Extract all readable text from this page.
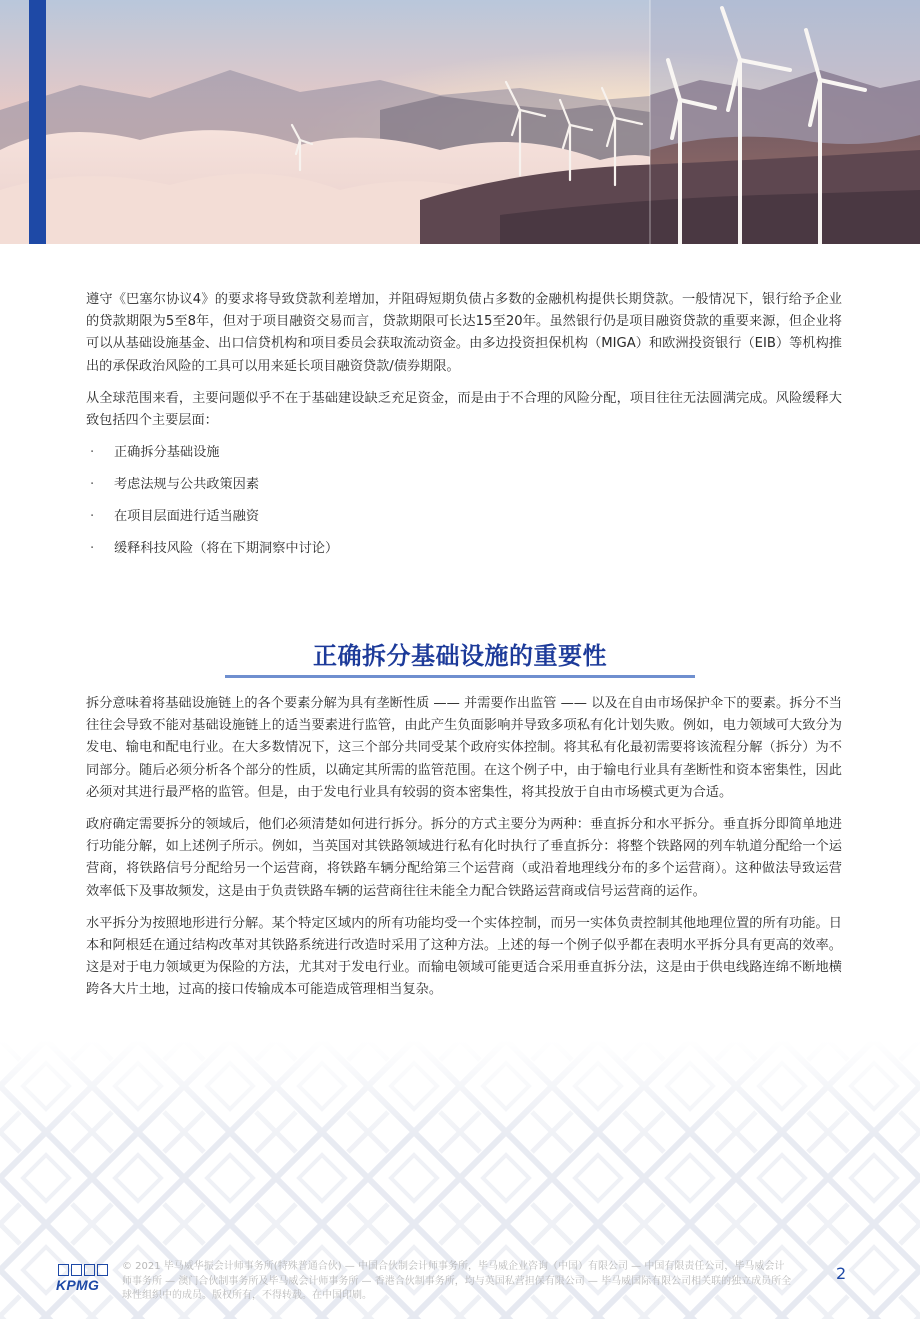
遵守《巴塞尔协议4》的要求将导致贷款利差增加，并阻碍短期负债占多数的金融机构提供长期贷款。一般情况下，银行给予企业的贷款期限为5至8年，但对于项目融资交易而言，贷款期限可长达15至20年。虽然银行仍是项目融资贷款的重要来源，但企业将可以从基础设施基金、出口信贷机构和项目委员会获取流动资金。由多边投资担保机构（MIGA）和欧洲投资银行（EIB）等机构推出的承保政治风险的工具可以用来延长项目融资贷款/债券期限。

从全球范围来看，主要问题似乎不在于基础建设缺乏充足资金，而是由于不合理的风险分配，项目往往无法圆满完成。风险缓释大致包括四个主要层面：

· 正确拆分基础设施
· 考虑法规与公共政策因素
· 在项目层面进行适当融资
· 缓释科技风险（将在下期洞察中讨论）
正确拆分基础设施的重要性

拆分意味着将基础设施链上的各个要素分解为具有垄断性质 —— 并需要作出监管 —— 以及在自由市场保护伞下的要素。拆分不当往往会导致不能对基础设施链上的适当要素进行监管，由此产生负面影响并导致多项私有化计划失败。例如，电力领域可大致分为发电、输电和配电行业。在大多数情况下，这三个部分共同受某个政府实体控制。将其私有化最初需要将该流程分解（拆分）为不同部分。随后必须分析各个部分的性质，以确定其所需的监管范围。在这个例子中，由于输电行业具有垄断性和资本密集性，因此必须对其进行最严格的监管。但是，由于发电行业具有较弱的资本密集性，将其投放于自由市场模式更为合适。

政府确定需要拆分的领域后，他们必须清楚如何进行拆分。拆分的方式主要分为两种：垂直拆分和水平拆分。垂直拆分即简单地进行功能分解，如上述例子所示。例如，当英国对其铁路领域进行私有化时执行了垂直拆分：将整个铁路网的列车轨道分配给一个运营商，将铁路信号分配给另一个运营商，将铁路车辆分配给第三个运营商（或沿着地理线分布的多个运营商）。这种做法导致运营效率低下及事故频发，这是由于负责铁路车辆的运营商往往未能全力配合铁路运营商或信号运营商的运作。

水平拆分为按照地形进行分解。某个特定区域内的所有功能均受一个实体控制，而另一实体负责控制其他地理位置的所有功能。日本和阿根廷在通过结构改革对其铁路系统进行改造时采用了这种方法。上述的每一个例子似乎都在表明水平拆分具有更高的效率。这是对于电力领域更为保险的方法，尤其对于发电行业。而输电领域可能更适合采用垂直拆分法，这是由于供电线路连绵不断地横跨各大片土地，过高的接口传输成本可能造成管理相当复杂。

KPMG
© 2021 毕马威华振会计师事务所(特殊普通合伙) — 中国合伙制会计师事务所，毕马威企业咨询（中国）有限公司 — 中国有限责任公司，毕马威会计师事务所 — 澳门合伙制事务所及毕马威会计师事务所 — 香港合伙制事务所，均与英国私营担保有限公司 — 毕马威国际有限公司相关联的独立成员所全球性组织中的成员。版权所有，不得转载。在中国印刷。
2
